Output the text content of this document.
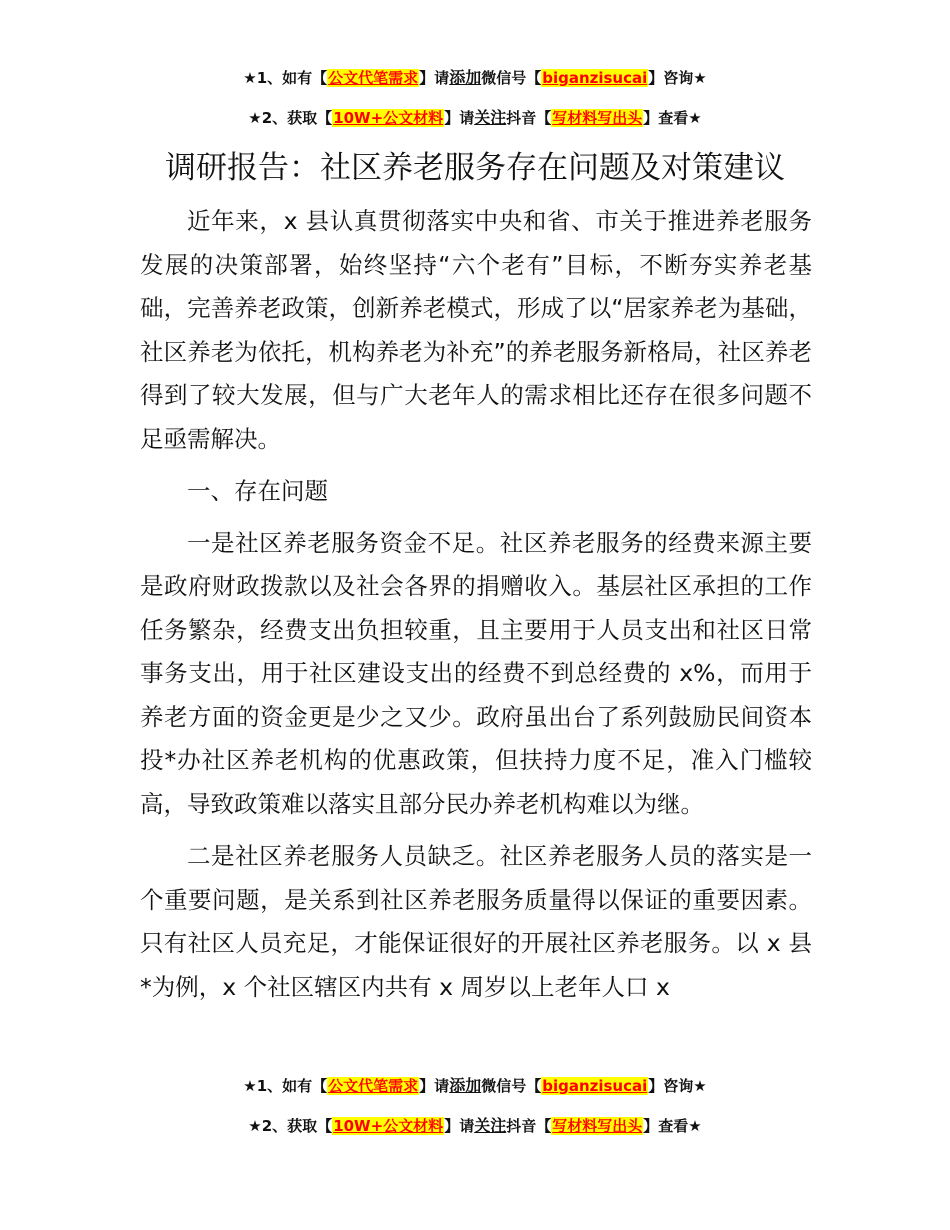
★1、如有【公文代笔需求】请添加微信号【biganzisucai】咨询★
★2、获取【10W+公文材料】请关注抖音【写材料写出头】查看★
调研报告：社区养老服务存在问题及对策建议

近年来，x 县认真贯彻落实中央和省、市关于推进养老服务发展的决策部署，始终坚持“六个老有”目标，不断夯实养老基础，完善养老政策，创新养老模式，形成了以“居家养老为基础，社区养老为依托，机构养老为补充”的养老服务新格局，社区养老得到了较大发展，但与广大老年人的需求相比还存在很多问题不足亟需解决。

一、存在问题

一是社区养老服务资金不足。社区养老服务的经费来源主要是政府财政拨款以及社会各界的捐赠收入。基层社区承担的工作任务繁杂，经费支出负担较重，且主要用于人员支出和社区日常事务支出，用于社区建设支出的经费不到总经费的 x%，而用于养老方面的资金更是少之又少。政府虽出台了系列鼓励民间资本投*办社区养老机构的优惠政策，但扶持力度不足，准入门槛较高，导致政策难以落实且部分民办养老机构难以为继。

二是社区养老服务人员缺乏。社区养老服务人员的落实是一个重要问题，是关系到社区养老服务质量得以保证的重要因素。只有社区人员充足，才能保证很好的开展社区养老服务。以 x 县*为例，x 个社区辖区内共有 x 周岁以上老年人口 x

★1、如有【公文代笔需求】请添加微信号【biganzisucai】咨询★
★2、获取【10W+公文材料】请关注抖音【写材料写出头】查看★
